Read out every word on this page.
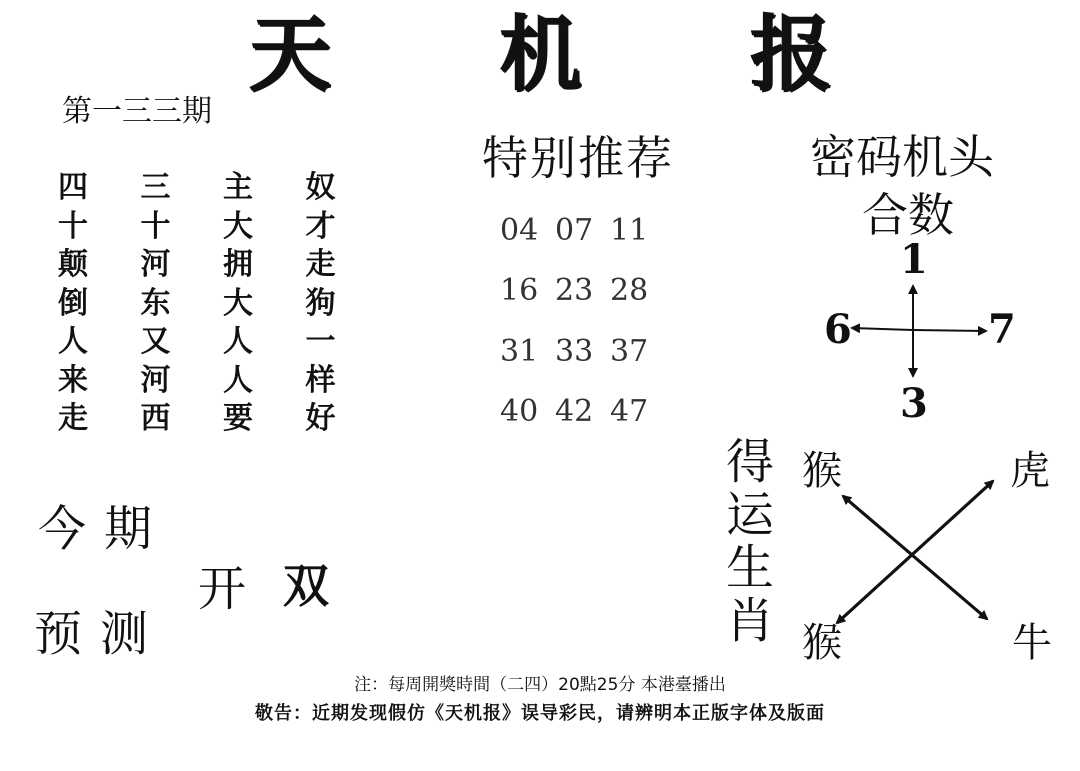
天 机 报
第一三三期
四	三	主	奴
十	十	大	才
颠	河	拥	走
倒	东	大	狗
人	又	人	一
来	河	人	样
走	西	要	好
特别推荐
04 07 11
16 23 28
31 33 37
40 42 47
密码机头
合数
1
6	7
3
今期
开 双
预测
得运生肖
猴	虎
猴	牛
注：每周開獎時間（二四）20點25分 本港臺播出
敬告：近期发现假仿《天机报》误导彩民，请辨明本正版字体及版面
